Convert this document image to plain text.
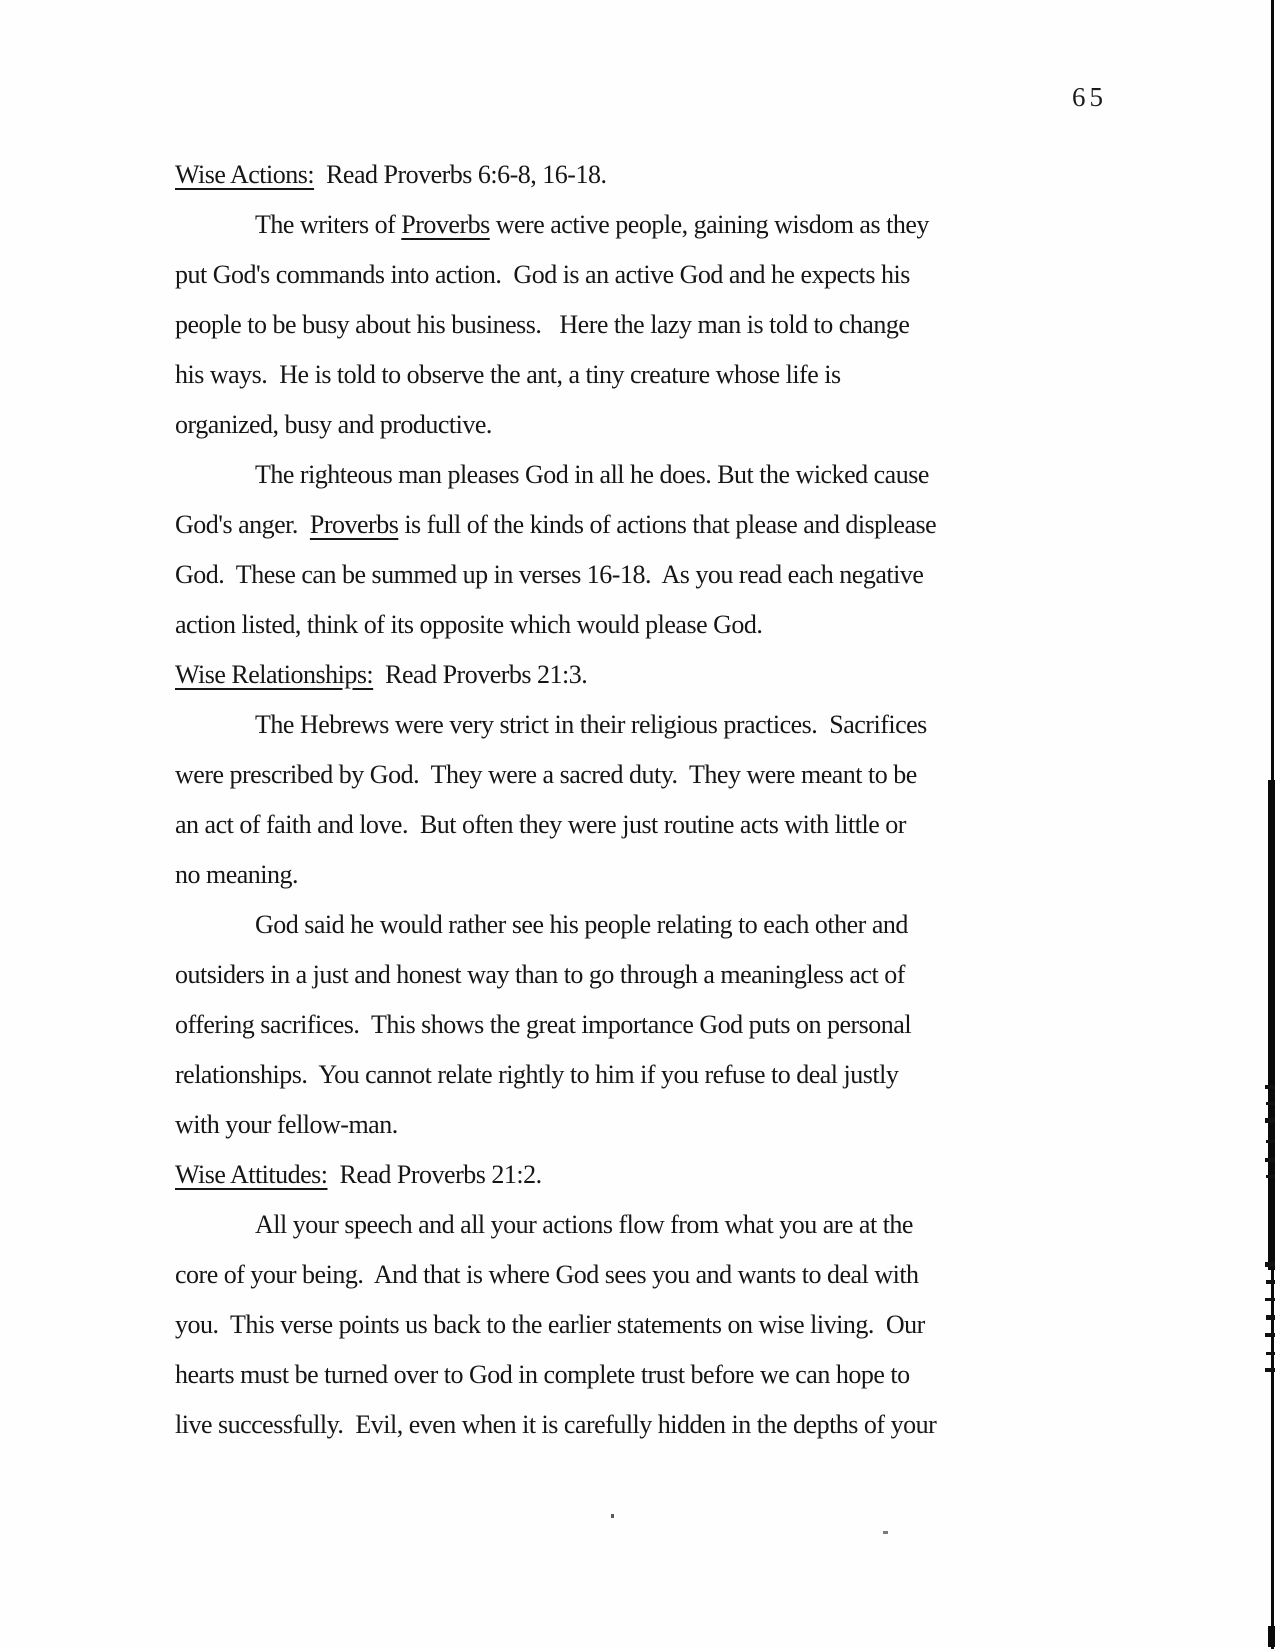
65
Wise Actions:  Read Proverbs 6:6-8, 16-18.
The writers of Proverbs were active people, gaining wisdom as they
put God's commands into action.  God is an active God and he expects his
people to be busy about his business.   Here the lazy man is told to change
his ways.  He is told to observe the ant, a tiny creature whose life is
organized, busy and productive.
The righteous man pleases God in all he does. But the wicked cause
God's anger.  Proverbs is full of the kinds of actions that please and displease
God.  These can be summed up in verses 16-18.  As you read each negative
action listed, think of its opposite which would please God.
Wise Relationships:  Read Proverbs 21:3.
The Hebrews were very strict in their religious practices.  Sacrifices
were prescribed by God.  They were a sacred duty.  They were meant to be
an act of faith and love.  But often they were just routine acts with little or
no meaning.
God said he would rather see his people relating to each other and
outsiders in a just and honest way than to go through a meaningless act of
offering sacrifices.  This shows the great importance God puts on personal
relationships.  You cannot relate rightly to him if you refuse to deal justly
with your fellow-man.
Wise Attitudes:  Read Proverbs 21:2.
All your speech and all your actions flow from what you are at the
core of your being.  And that is where God sees you and wants to deal with
you.  This verse points us back to the earlier statements on wise living.  Our
hearts must be turned over to God in complete trust before we can hope to
live successfully.  Evil, even when it is carefully hidden in the depths of your
